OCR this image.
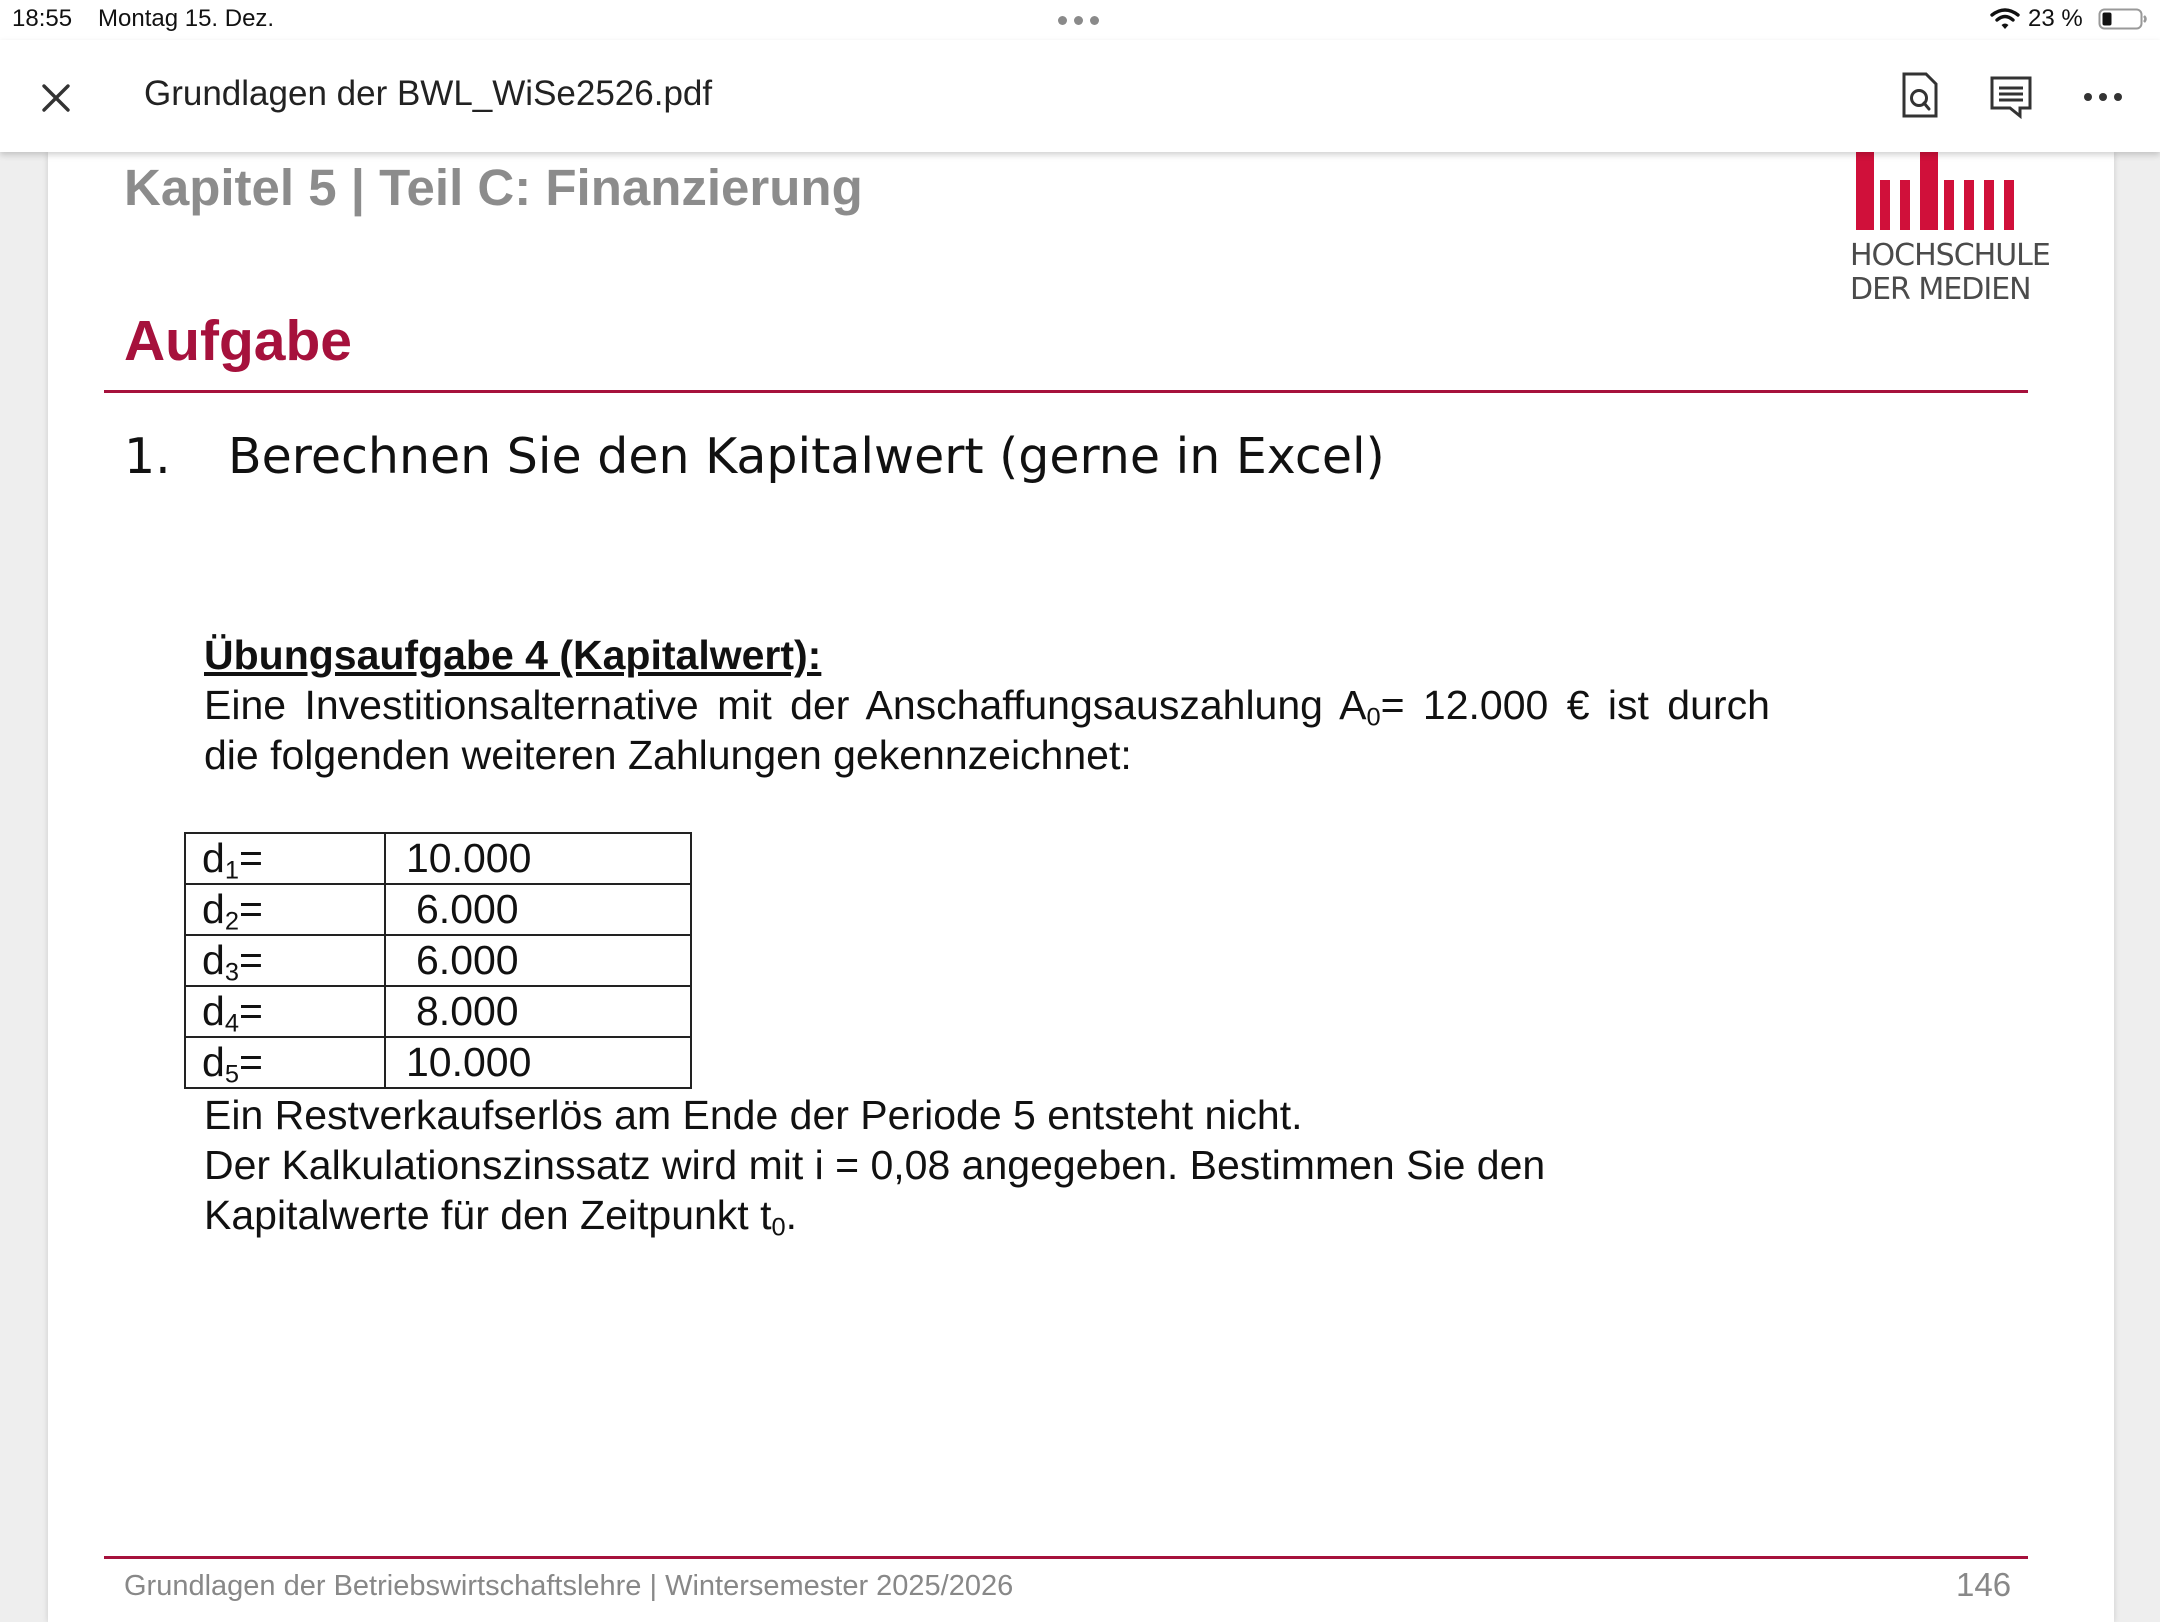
18:55 Montag 15. Dez.	23 %
Grundlagen der BWL_WiSe2526.pdf
Kapitel 5 | Teil C: Finanzierung
HOCHSCHULE
DER MEDIEN
Aufgabe
1. Berechnen Sie den Kapitalwert (gerne in Excel)
Übungsaufgabe 4 (Kapitalwert):
Eine Investitionsalternative mit der Anschaffungsauszahlung $A_0= 12.000$ € ist durch
die folgenden weiteren Zahlungen gekennzeichnet:
$d_1=$	10.000
$d_2=$	6.000
$d_3=$	6.000
$d_4=$	8.000
$d_5=$	10.000
Ein Restverkaufserlös am Ende der Periode 5 entsteht nicht.
Der Kalkulationszinssatz wird mit i = 0,08 angegeben. Bestimmen Sie den
Kapitalwerte für den Zeitpunkt $t_0$.
Grundlagen der Betriebswirtschaftslehre | Wintersemester 2025/2026	146
